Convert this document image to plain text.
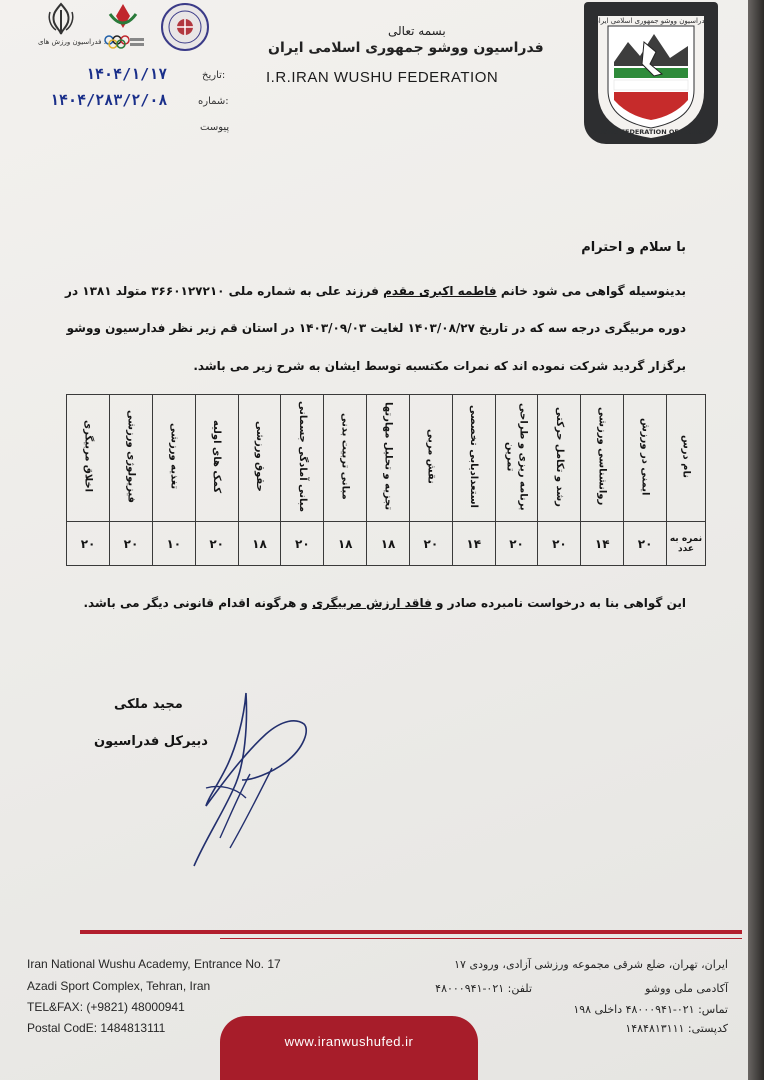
فدراسیون ورزش های ...
بسمه تعالی
فدراسیون ووشو جمهوری اسلامی ایران
I.R.IRAN WUSHU FEDERATION
تاریخ:
۱۴۰۴/۱/۱۷
شماره:
۱۴۰۴/۲۸۳/۲/۰۸
پیوست
فدراسیون ووشو جمهوری اسلامی ایران
WUSHU FEDERATION OF I.R.IRAN
با سلام و احترام
بدینوسیله گواهی می شود خانم فاطمه اکبری مقدم فرزند علی به شماره ملی ۳۶۶۰۱۲۷۲۱۰ متولد ۱۳۸۱ در
دوره مربیگری درجه سه که در تاریخ ۱۴۰۳/۰۸/۲۷ لغایت ۱۴۰۳/۰۹/۰۳ در استان قم زیر نظر فدارسیون ووشو
برگزار گردید شرکت نموده اند که نمرات مکتسبه توسط ایشان به شرح زیر می باشد.
نام درس	ایمنی در ورزش	روانشناسی ورزشی	رشد و تکامل حرکتی	برنامه ریزی و طراحی تمرین	استعدادیابی تخصصی	نقش مربی	تجزیه و تحلیل مهارتها	مبانی تربیت بدنی	مبانی آمادگی جسمانی	حقوق ورزشی	کمک های اولیه	تغذیه ورزشی	فیزیولوژی ورزشی	اخلاق مربیگری
نمره به عدد	۲۰	۱۴	۲۰	۲۰	۱۴	۲۰	۱۸	۱۸	۲۰	۱۸	۲۰	۱۰	۲۰	۲۰
این گواهی بنا به درخواست نامبرده صادر و فاقد ارزش مربیگری و هرگونه اقدام قانونی دیگر می باشد.
مجید ملکی
دبیرکل فدراسیون
Iran National Wushu Academy, Entrance No. 17
Azadi Sport Complex, Tehran, Iran
TEL&FAX: (+9821) 48000941
Postal CodE: 1484813111
ایران، تهران، ضلع شرقی مجموعه ورزشی آزادی، ورودی ۱۷
تلفن: ۰۲۱-۴۸۰۰۰۹۴۱	آکادمی ملی ووشو
تماس: ۰۲۱-۴۸۰۰۰۹۴۱ داخلی ۱۹۸
کدپستی: ۱۴۸۴۸۱۳۱۱۱
www.iranwushufed.ir
